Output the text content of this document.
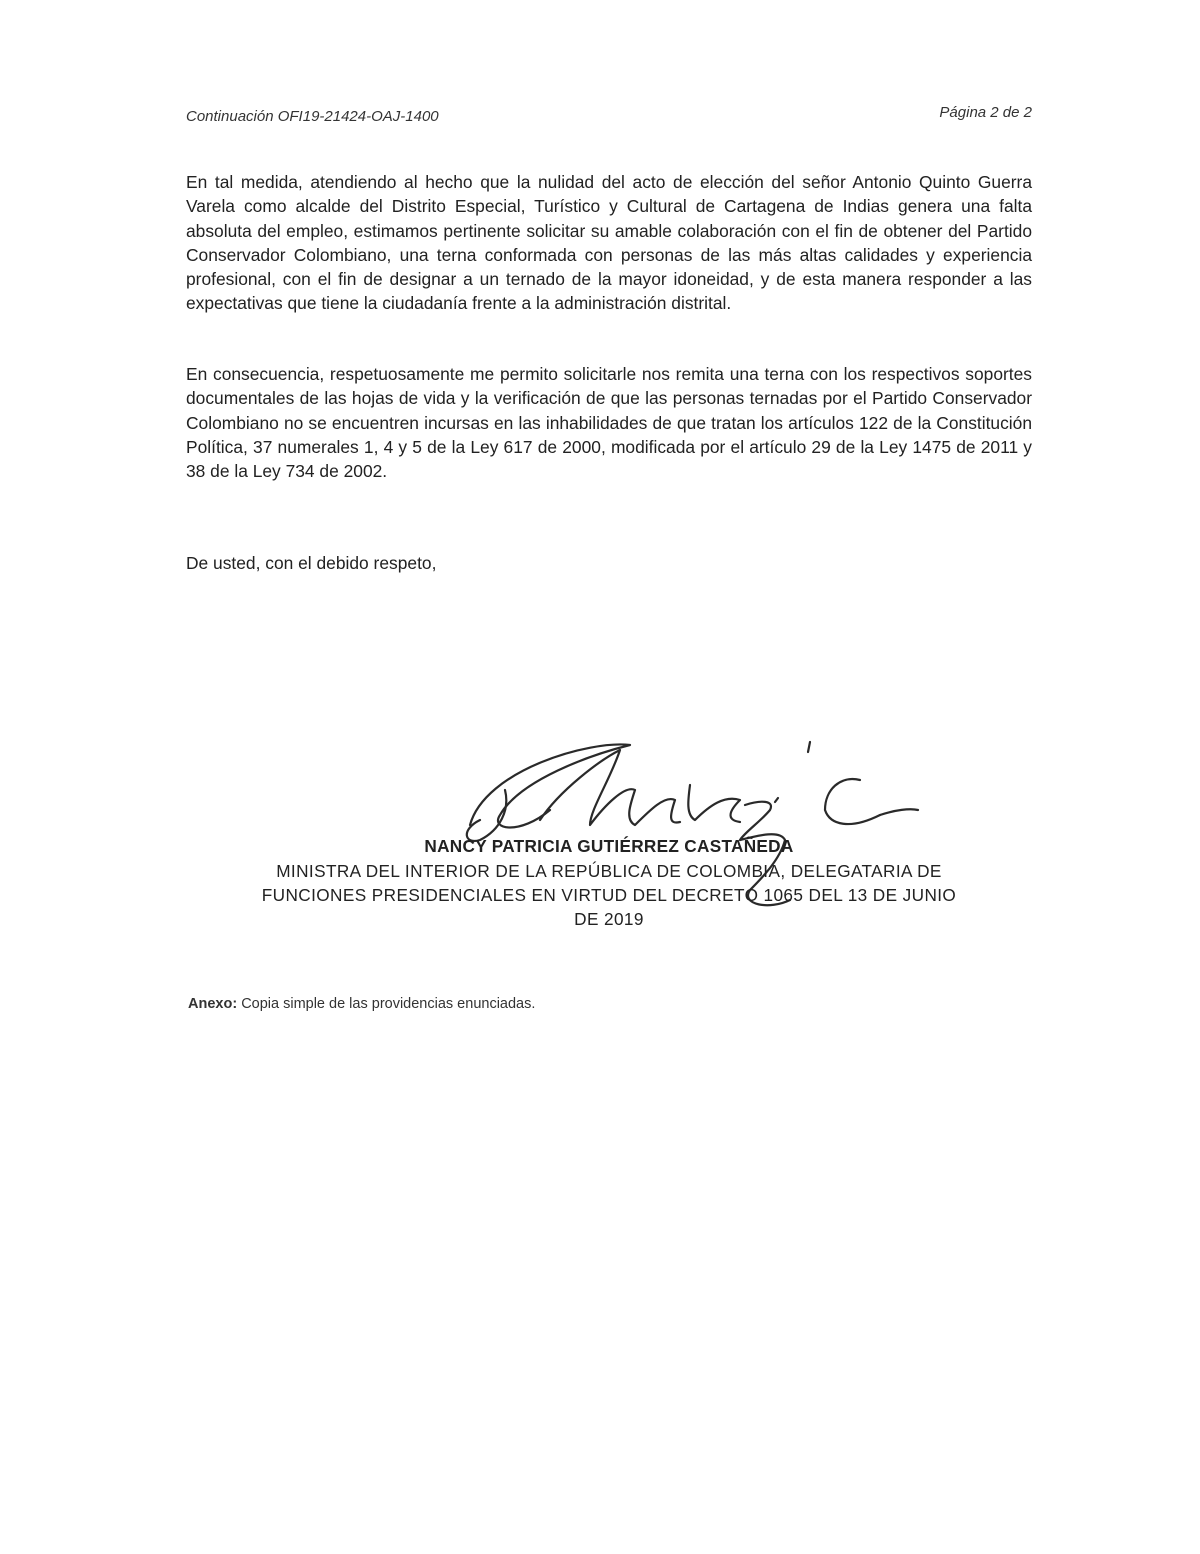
Continuación OFI19-21424-OAJ-1400	Página 2 de 2

En tal medida, atendiendo al hecho que la nulidad del acto de elección del señor Antonio Quinto Guerra Varela como alcalde del Distrito Especial, Turístico y Cultural de Cartagena de Indias genera una falta absoluta del empleo, estimamos pertinente solicitar su amable colaboración con el fin de obtener del Partido Conservador Colombiano, una terna conformada con personas de las más altas calidades y experiencia profesional, con el fin de designar a un ternado de la mayor idoneidad, y de esta manera responder a las expectativas que tiene la ciudadanía frente a la administración distrital.

En consecuencia, respetuosamente me permito solicitarle nos remita una terna con los respectivos soportes documentales de las hojas de vida y la verificación de que las personas ternadas por el Partido Conservador Colombiano no se encuentren incursas en las inhabilidades de que tratan los artículos 122 de la Constitución Política, 37 numerales 1, 4 y 5 de la Ley 617 de 2000, modificada por el artículo 29 de la Ley 1475 de 2011 y 38 de la Ley 734 de 2002.

De usted, con el debido respeto,
NANCY PATRICIA GUTIÉRREZ CASTAÑEDA
MINISTRA DEL INTERIOR DE LA REPÚBLICA DE COLOMBIA, DELEGATARIA DE
FUNCIONES PRESIDENCIALES EN VIRTUD DEL DECRETO 1065 DEL 13 DE JUNIO
DE 2019
Anexo: Copia simple de las providencias enunciadas.
